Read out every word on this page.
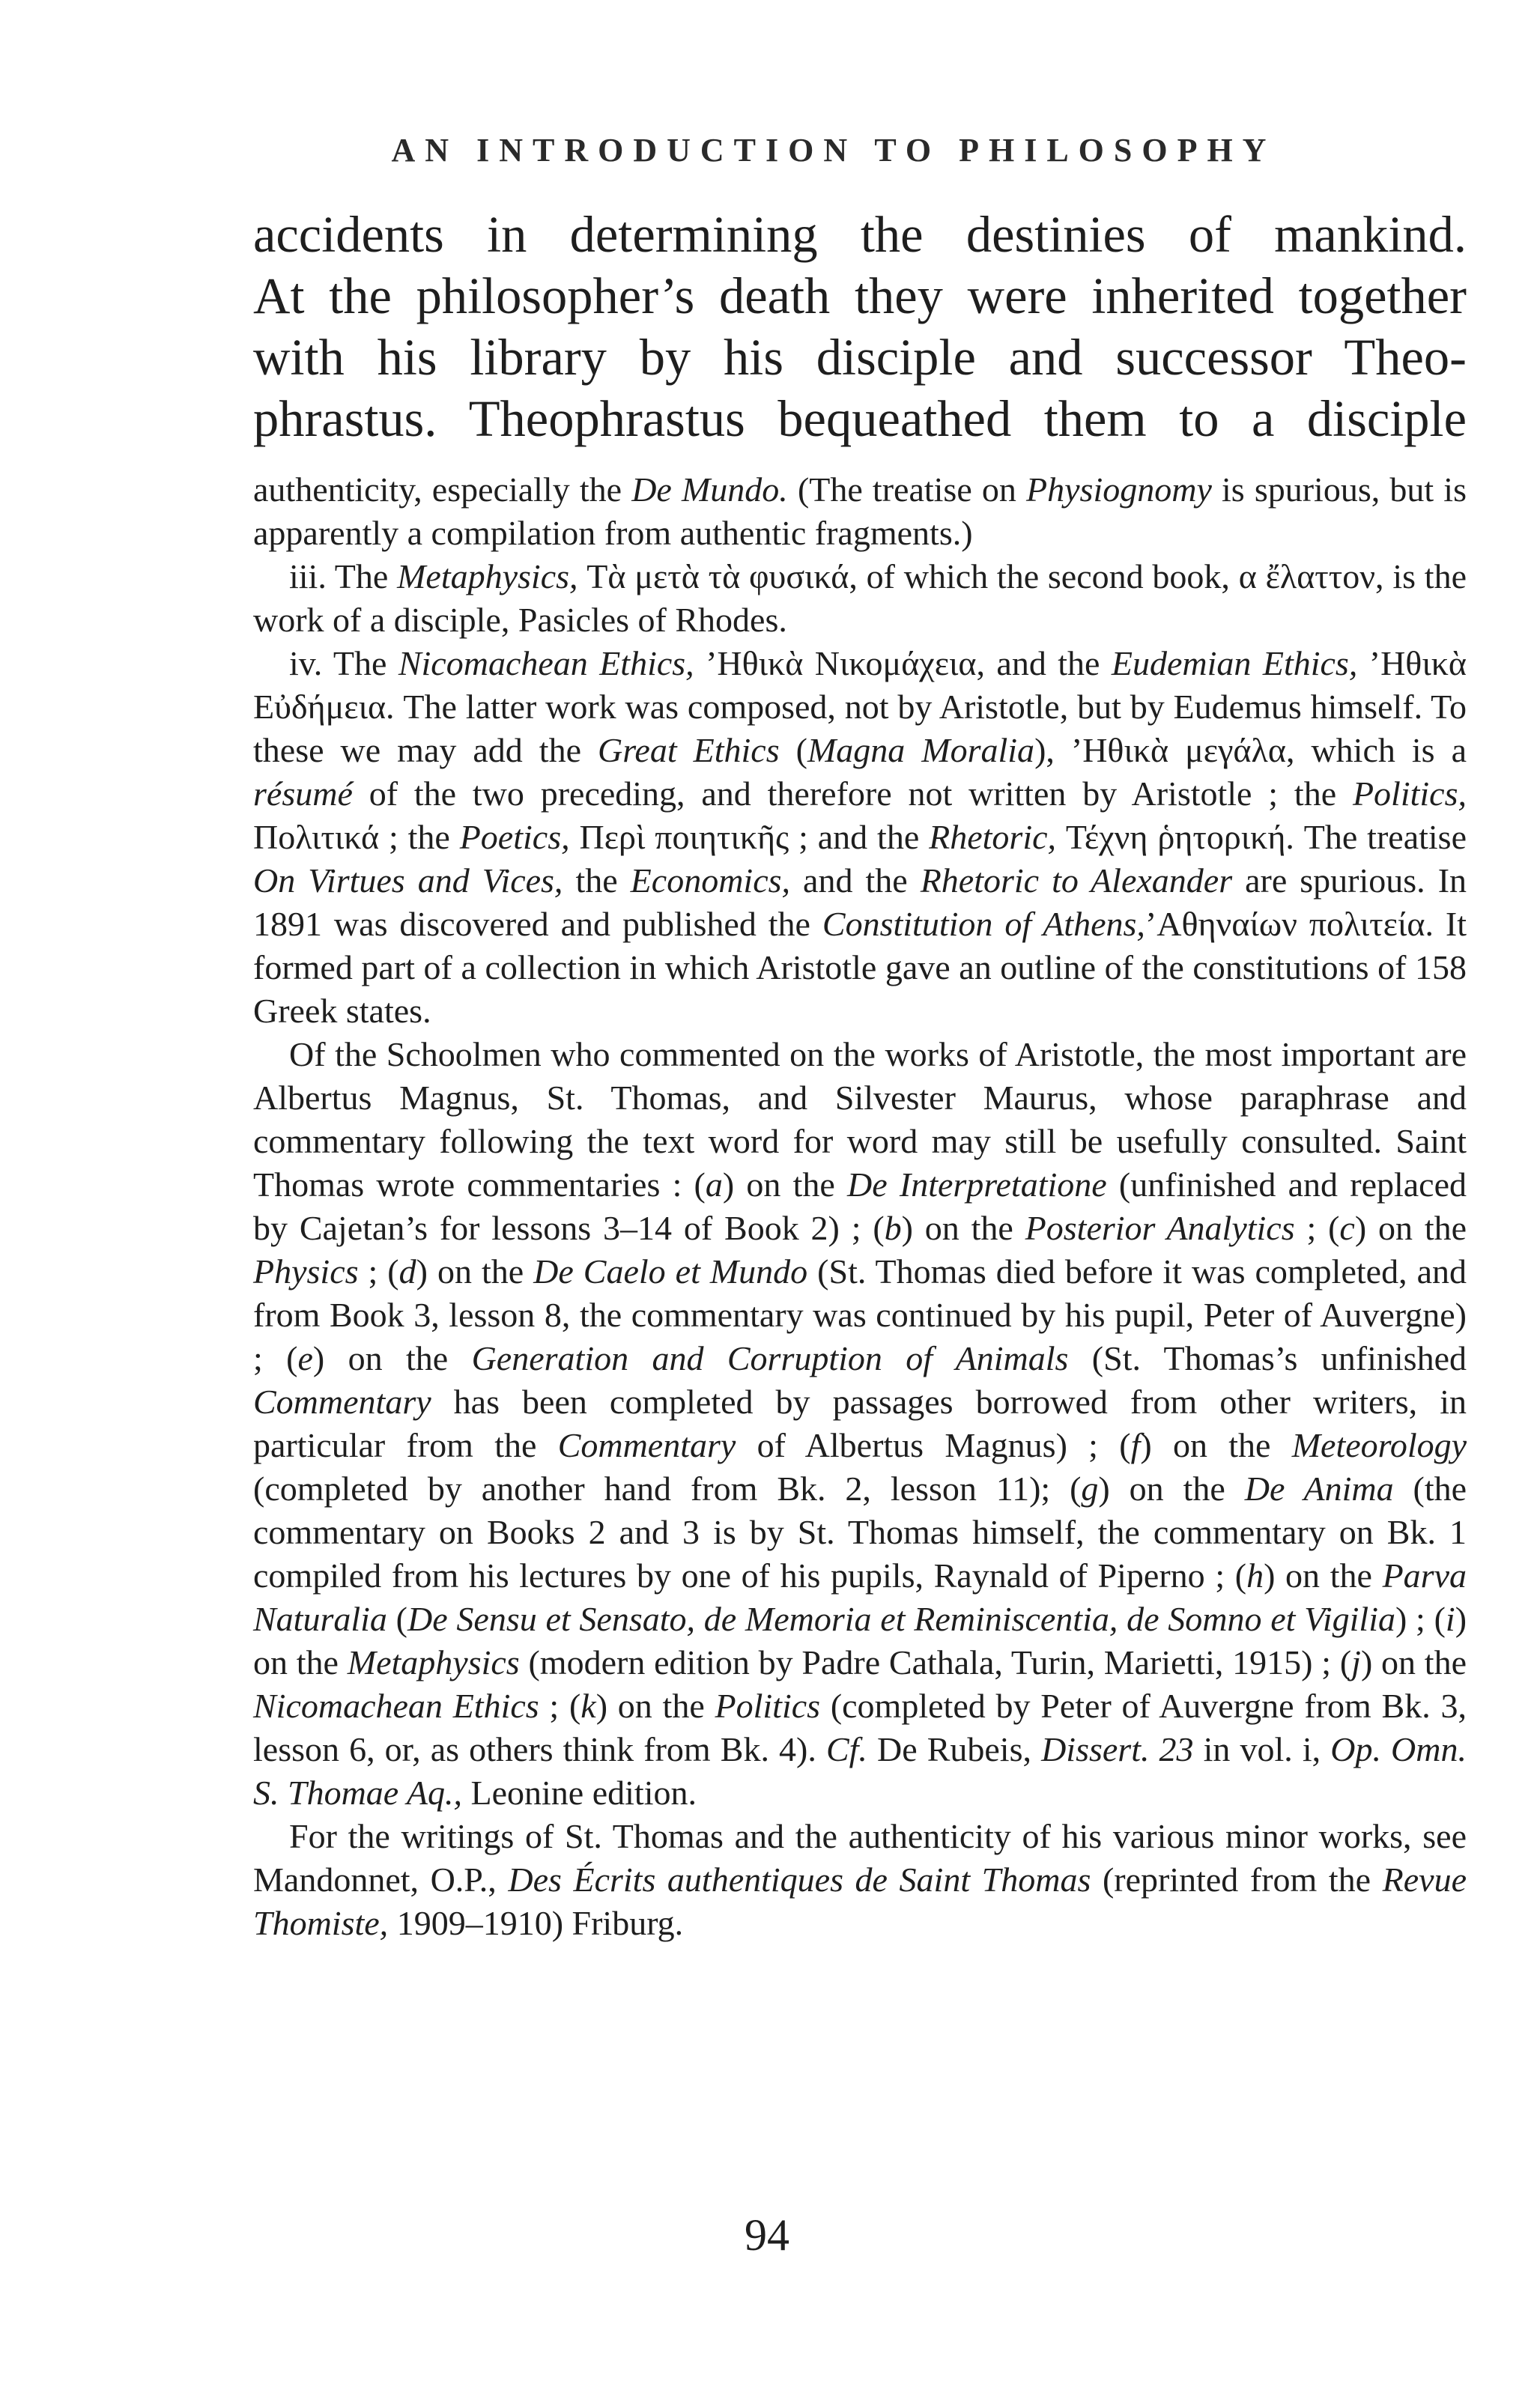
AN INTRODUCTION TO PHILOSOPHY
accidents in determining the destinies of mankind.
At the philosopher’s death they were inherited together
with his library by his disciple and successor Theo-
phrastus. Theophrastus bequeathed them to a disciple

authenticity, especially the De Mundo. (The treatise on Physiognomy is spurious, but is apparently a compilation from authentic fragments.)

iii. The Metaphysics, Τὰ μετὰ τὰ φυσικά, of which the second book, α ἔλαττον, is the work of a disciple, Pasicles of Rhodes.

iv. The Nicomachean Ethics, ’Ηθικὰ Νικομάχεια, and the Eudemian Ethics, ’Ηθικὰ Εὐδήμεια. The latter work was composed, not by Aristotle, but by Eudemus himself. To these we may add the Great Ethics (Magna Moralia), ’Ηθικὰ μεγάλα, which is a résumé of the two preceding, and therefore not written by Aristotle ; the Politics, Πολιτικά ; the Poetics, Περὶ ποιητικῆς ; and the Rhetoric, Τέχνη ῥητορική. The treatise On Virtues and Vices, the Economics, and the Rhetoric to Alexander are spurious. In 1891 was discovered and published the Constitution of Athens,’Αθηναίων πολιτεία. It formed part of a collection in which Aristotle gave an outline of the constitutions of 158 Greek states.

Of the Schoolmen who commented on the works of Aristotle, the most important are Albertus Magnus, St. Thomas, and Silvester Maurus, whose paraphrase and commentary following the text word for word may still be usefully consulted. Saint Thomas wrote commentaries : (a) on the De Interpretatione (unfinished and replaced by Cajetan’s for lessons 3–14 of Book 2) ; (b) on the Posterior Analytics ; (c) on the Physics ; (d) on the De Caelo et Mundo (St. Thomas died before it was completed, and from Book 3, lesson 8, the commentary was continued by his pupil, Peter of Auvergne) ; (e) on the Generation and Corruption of Animals (St. Thomas’s unfinished Commentary has been completed by passages borrowed from other writers, in particular from the Commentary of Albertus Magnus) ; (f) on the Meteorology (completed by another hand from Bk. 2, lesson 11); (g) on the De Anima (the commentary on Books 2 and 3 is by St. Thomas himself, the commentary on Bk. 1 compiled from his lectures by one of his pupils, Raynald of Piperno ; (h) on the Parva Naturalia (De Sensu et Sensato, de Memoria et Reminiscentia, de Somno et Vigilia) ; (i) on the Metaphysics (modern edition by Padre Cathala, Turin, Marietti, 1915) ; (j) on the Nicomachean Ethics ; (k) on the Politics (completed by Peter of Auvergne from Bk. 3, lesson 6, or, as others think from Bk. 4). Cf. De Rubeis, Dissert. 23 in vol. i, Op. Omn. S. Thomae Aq., Leonine edition.

For the writings of St. Thomas and the authenticity of his various minor works, see Mandonnet, O.P., Des Écrits authentiques de Saint Thomas (reprinted from the Revue Thomiste, 1909–1910) Friburg.

94
